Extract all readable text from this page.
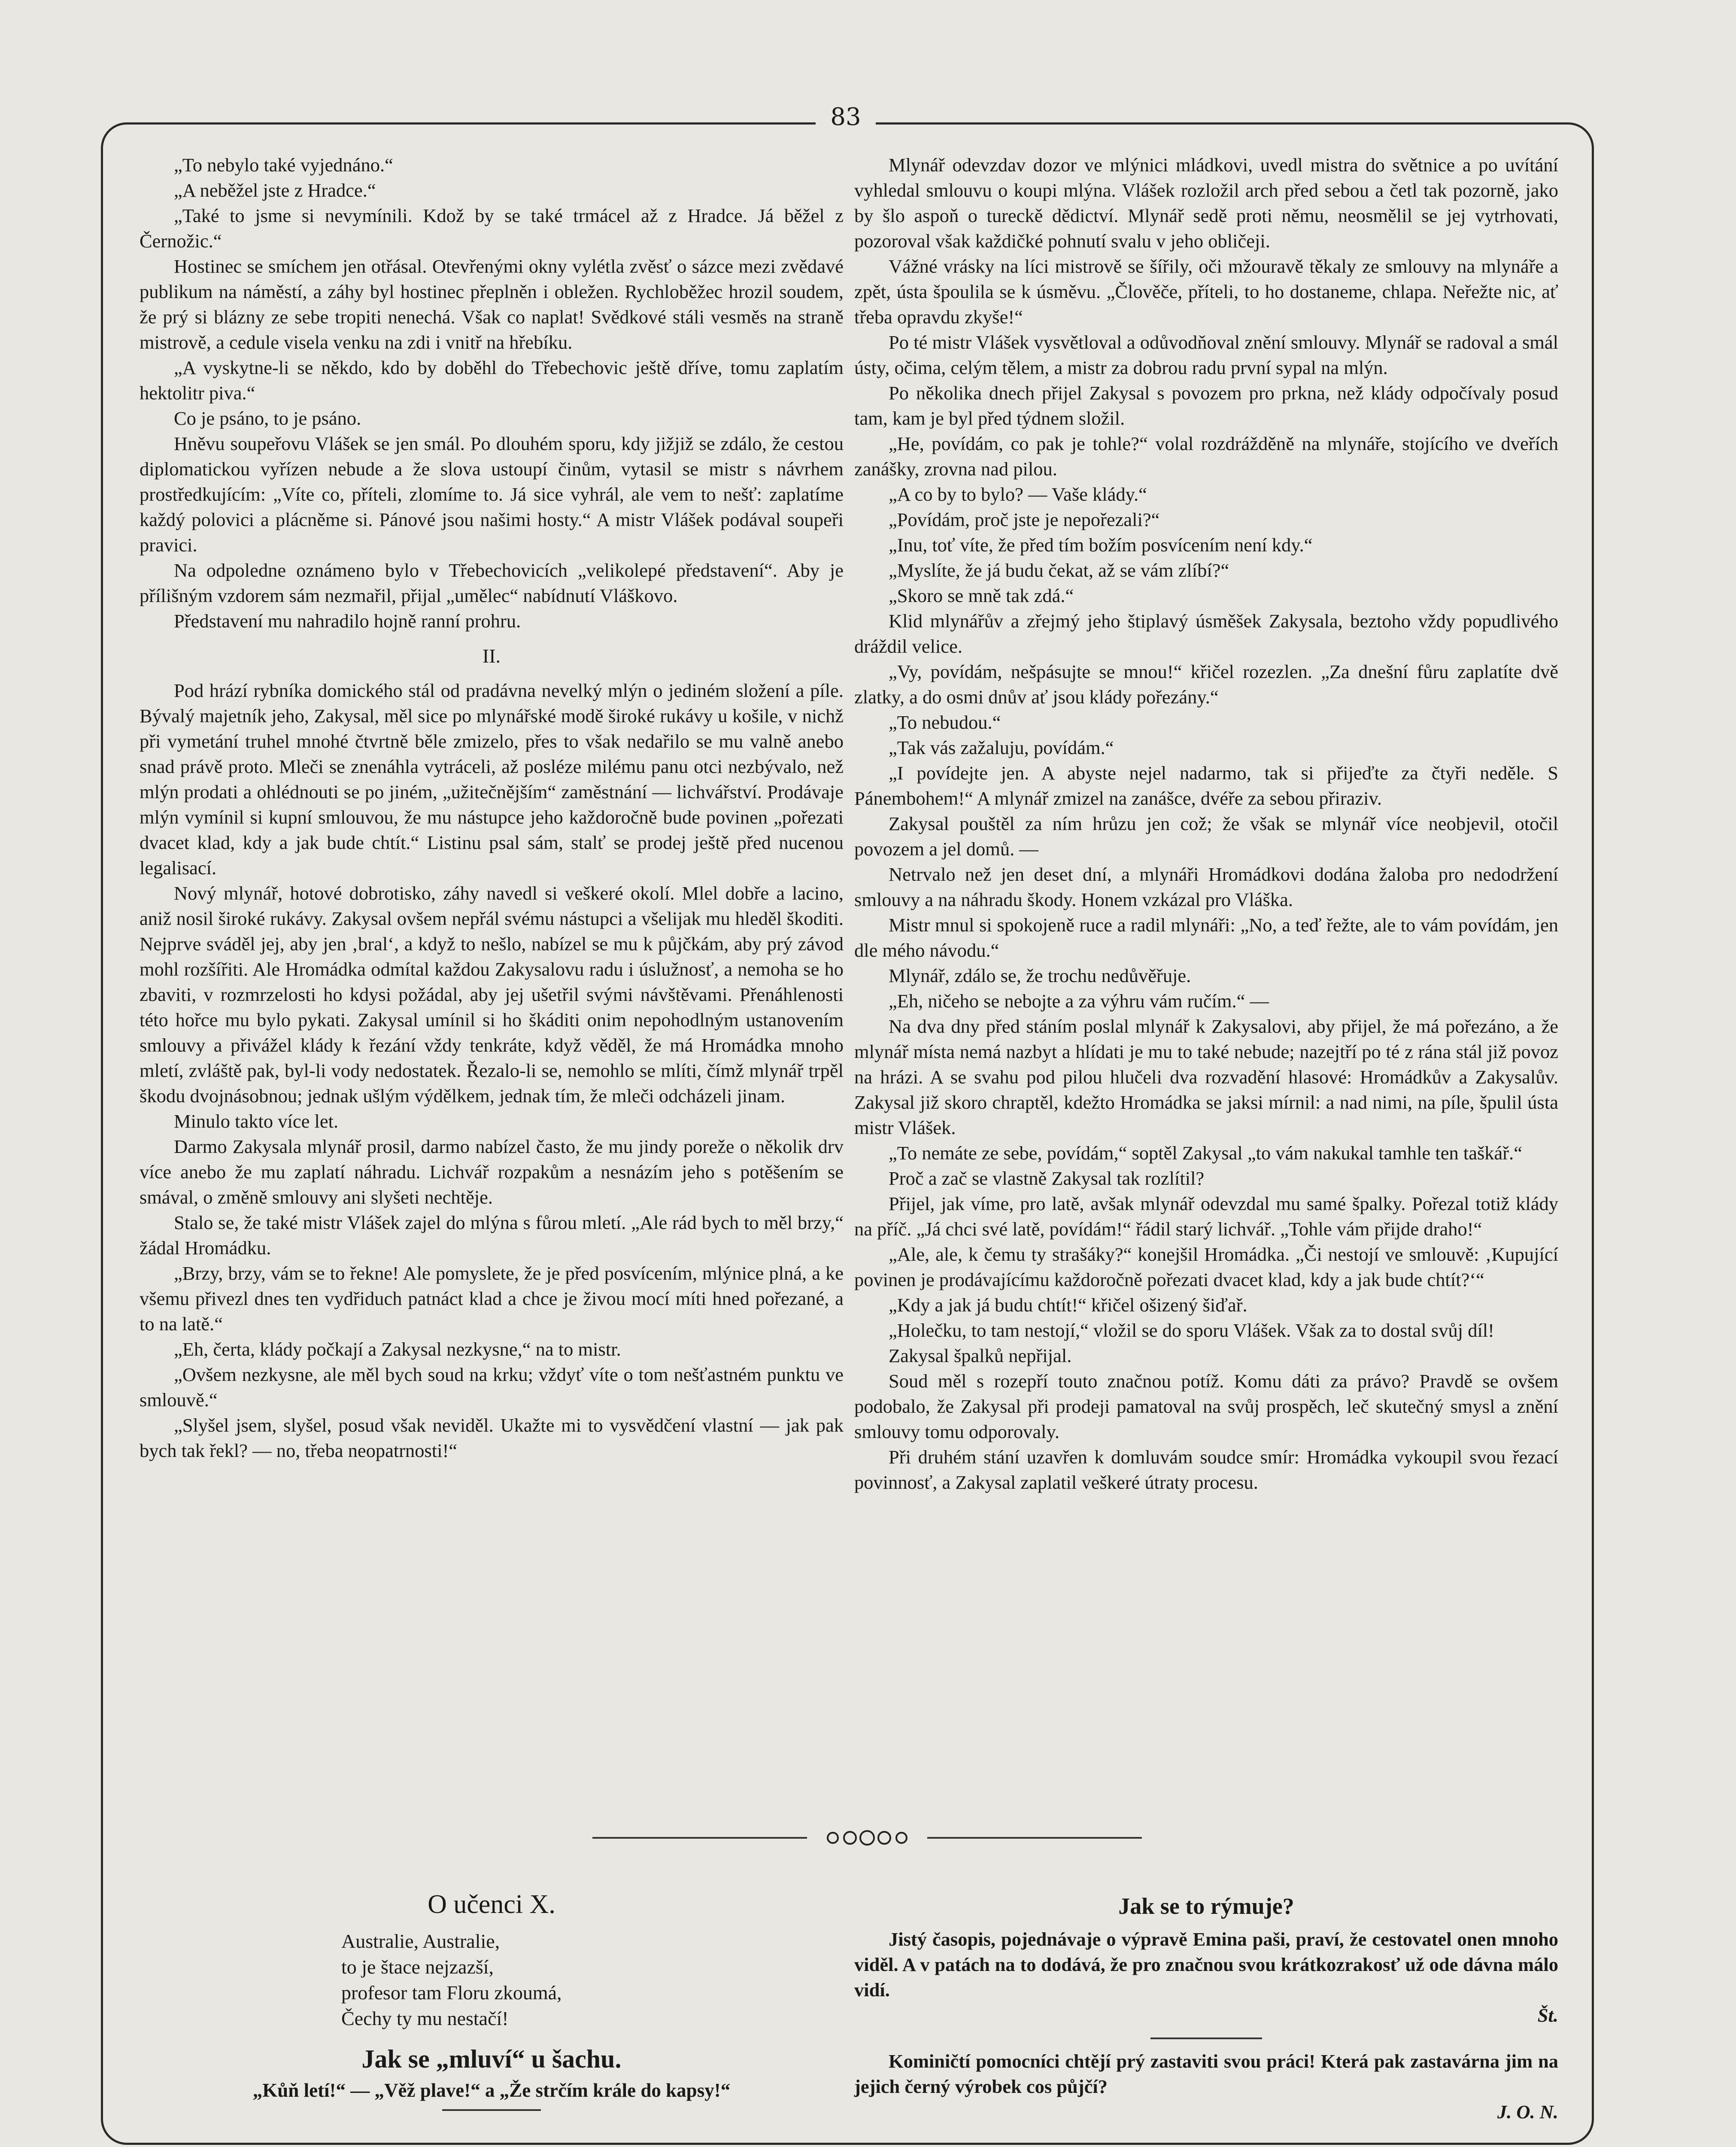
83

„To nebylo také vyjednáno.“

„A neběžel jste z Hradce.“

„Také to jsme si nevymínili. Kdož by se také trmácel až z Hradce. Já běžel z Černožic.“

Hostinec se smíchem jen otřásal. Otevřenými okny vylétla zvěsť o sázce mezi zvědavé publikum na náměstí, a záhy byl hostinec přeplněn i obležen. Rychloběžec hrozil soudem, že prý si blázny ze sebe tropiti nenechá. Však co naplat! Svědkové stáli vesměs na straně mistrově, a cedule visela venku na zdi i vnitř na hřebíku.

„A vyskytne-li se někdo, kdo by doběhl do Třebechovic ještě dříve, tomu zaplatím hektolitr piva.“

Co je psáno, to je psáno.

Hněvu soupeřovu Vlášek se jen smál. Po dlouhém sporu, kdy jižjiž se zdálo, že cestou diplomatickou vyřízen nebude a že slova ustoupí činům, vytasil se mistr s návrhem prostředkujícím: „Víte co, příteli, zlomíme to. Já sice vyhrál, ale vem to nešť: zaplatíme každý polovici a plácněme si. Pánové jsou našimi hosty.“ A mistr Vlášek podával soupeři pravici.

Na odpoledne oznámeno bylo v Třebechovicích „velikolepé představení“. Aby je přílišným vzdorem sám nezmařil, přijal „umělec“ nabídnutí Vláškovo.

Představení mu nahradilo hojně ranní prohru.

II.

Pod hrází rybníka domického stál od pradávna nevelký mlýn o jediném složení a píle. Bývalý majetník jeho, Zakysal, měl sice po mlynářské modě široké rukávy u košile, v nichž při vymetání truhel mnohé čtvrtně běle zmizelo, přes to však nedařilo se mu valně anebo snad právě proto. Mleči se znenáhla vytráceli, až posléze milému panu otci nezbývalo, než mlýn prodati a ohlédnouti se po jiném, „užitečnějším“ zaměstnání — lichvářství. Prodávaje mlýn vymínil si kupní smlouvou, že mu nástupce jeho každoročně bude povinen „pořezati dvacet klad, kdy a jak bude chtít.“ Listinu psal sám, stalť se prodej ještě před nucenou legalisací.

Nový mlynář, hotové dobrotisko, záhy navedl si veškeré okolí. Mlel dobře a lacino, aniž nosil široké rukávy. Zakysal ovšem nepřál svému nástupci a všelijak mu hleděl škoditi. Nejprve sváděl jej, aby jen ‚bral‘, a když to nešlo, nabízel se mu k půjčkám, aby prý závod mohl rozšířiti. Ale Hromádka odmítal každou Zakysalovu radu i úslužnosť, a nemoha se ho zbaviti, v rozmrzelosti ho kdysi požádal, aby jej ušetřil svými návštěvami. Přenáhlenosti této hořce mu bylo pykati. Zakysal umínil si ho škáditi onim nepohodlným ustanovením smlouvy a přivážel klády k řezání vždy tenkráte, když věděl, že má Hromádka mnoho mletí, zvláště pak, byl-li vody nedostatek. Řezalo-li se, nemohlo se mlíti, čímž mlynář trpěl škodu dvojnásobnou; jednak ušlým výdělkem, jednak tím, že mleči odcházeli jinam.

Minulo takto více let.

Darmo Zakysala mlynář prosil, darmo nabízel často, že mu jindy poreže o několik drv více anebo že mu zaplatí náhradu. Lichvář rozpakům a nesnázím jeho s potěšením se smával, o změně smlouvy ani slyšeti nechtěje.

Stalo se, že také mistr Vlášek zajel do mlýna s fůrou mletí. „Ale rád bych to měl brzy,“ žádal Hromádku.

„Brzy, brzy, vám se to řekne! Ale pomyslete, že je před posvícením, mlýnice plná, a ke všemu přivezl dnes ten vydřiduch patnáct klad a chce je živou mocí míti hned pořezané, a to na latě.“

„Eh, čerta, klády počkají a Zakysal nezkysne,“ na to mistr.

„Ovšem nezkysne, ale měl bych soud na krku; vždyť víte o tom nešťastném punktu ve smlouvě.“

„Slyšel jsem, slyšel, posud však neviděl. Ukažte mi to vysvědčení vlastní — jak pak bych tak řekl? — no, třeba neopatrnosti!“

Mlynář odevzdav dozor ve mlýnici mládkovi, uvedl mistra do světnice a po uvítání vyhledal smlouvu o koupi mlýna. Vlášek rozložil arch před sebou a četl tak pozorně, jako by šlo aspoň o tureckě dědictví. Mlynář sedě proti němu, neosmělil se jej vytrhovati, pozoroval však každičké pohnutí svalu v jeho obličeji.

Vážné vrásky na líci mistrově se šířily, oči mžouravě těkaly ze smlouvy na mlynáře a zpět, ústa špoulila se k úsměvu. „Člověče, příteli, to ho dostaneme, chlapa. Neřežte nic, ať třeba opravdu zkyše!“

Po té mistr Vlášek vysvětloval a odůvodňoval znění smlouvy. Mlynář se radoval a smál ústy, očima, celým tělem, a mistr za dobrou radu první sypal na mlýn.

Po několika dnech přijel Zakysal s povozem pro prkna, než klády odpočívaly posud tam, kam je byl před týdnem složil.

„He, povídám, co pak je tohle?“ volal rozdrážděně na mlynáře, stojícího ve dveřích zanášky, zrovna nad pilou.

„A co by to bylo? — Vaše klády.“

„Povídám, proč jste je nepořezali?“

„Inu, toť víte, že před tím božím posvícením není kdy.“

„Myslíte, že já budu čekat, až se vám zlíbí?“

„Skoro se mně tak zdá.“

Klid mlynářův a zřejmý jeho štiplavý úsměšek Zakysala, beztoho vždy popudlivého dráždil velice.

„Vy, povídám, nešpásujte se mnou!“ křičel rozezlen. „Za dnešní fůru zaplatíte dvě zlatky, a do osmi dnův ať jsou klády pořezány.“

„To nebudou.“

„Tak vás zažaluju, povídám.“

„I povídejte jen. A abyste nejel nadarmo, tak si přijeďte za čtyři neděle. S Pánembohem!“ A mlynář zmizel na zanášce, dvéře za sebou přiraziv.

Zakysal pouštěl za ním hrůzu jen což; že však se mlynář více neobjevil, otočil povozem a jel domů. —

Netrvalo než jen deset dní, a mlynáři Hromádkovi dodána žaloba pro nedodržení smlouvy a na náhradu škody. Honem vzkázal pro Vláška.

Mistr mnul si spokojeně ruce a radil mlynáři: „No, a teď řežte, ale to vám povídám, jen dle mého návodu.“

Mlynář, zdálo se, že trochu nedůvěřuje.

„Eh, ničeho se nebojte a za výhru vám ručím.“ —

Na dva dny před stáním poslal mlynář k Zakysalovi, aby přijel, že má pořezáno, a že mlynář místa nemá nazbyt a hlídati je mu to také nebude; nazejtří po té z rána stál již povoz na hrázi. A se svahu pod pilou hlučeli dva rozvadění hlasové: Hromádkův a Zakysalův. Zakysal již skoro chraptěl, kdežto Hromádka se jaksi mírnil: a nad nimi, na píle, špulil ústa mistr Vlášek.

„To nemáte ze sebe, povídám,“ soptěl Zakysal „to vám nakukal tamhle ten taškář.“

Proč a zač se vlastně Zakysal tak rozlítil?

Přijel, jak víme, pro latě, avšak mlynář odevzdal mu samé špalky. Pořezal totiž klády na příč. „Já chci své latě, povídám!“ řádil starý lichvář. „Tohle vám přijde draho!“

„Ale, ale, k čemu ty strašáky?“ konejšil Hromádka. „Či nestojí ve smlouvě: ‚Kupující povinen je prodávajícímu každoročně pořezati dvacet klad, kdy a jak bude chtít?‘“

„Kdy a jak já budu chtít!“ křičel ošizený šiďař.

„Holečku, to tam nestojí,“ vložil se do sporu Vlášek. Však za to dostal svůj díl!

Zakysal špalků nepřijal.

Soud měl s rozepří touto značnou potíž. Komu dáti za právo? Pravdě se ovšem podobalo, že Zakysal při prodeji pamatoval na svůj prospěch, leč skutečný smysl a znění smlouvy tomu odporovaly.

Při druhém stání uzavřen k domluvám soudce smír: Hromádka vykoupil svou řezací povinnosť, a Zakysal zaplatil veškeré útraty procesu.

O učenci X.
Australie, Australie,
to je štace nejzazší,
profesor tam Floru zkoumá,
Čechy ty mu nestačí!
Jak se „mluví“ u šachu.
„Kůň letí!“ — „Věž plave!“ a „Že strčím krále do kapsy!“
Jak se to rýmuje?

Jistý časopis, pojednávaje o výpravě Emina paši, praví, že cestovatel onen mnoho viděl. A v patách na to dodává, že pro značnou svou krátkozrakosť už ode dávna málo vidí.

Št.

Kominičtí pomocníci chtějí prý zastaviti svou práci! Která pak zastavárna jim na jejich černý výrobek cos půjčí?

J. O. N.
